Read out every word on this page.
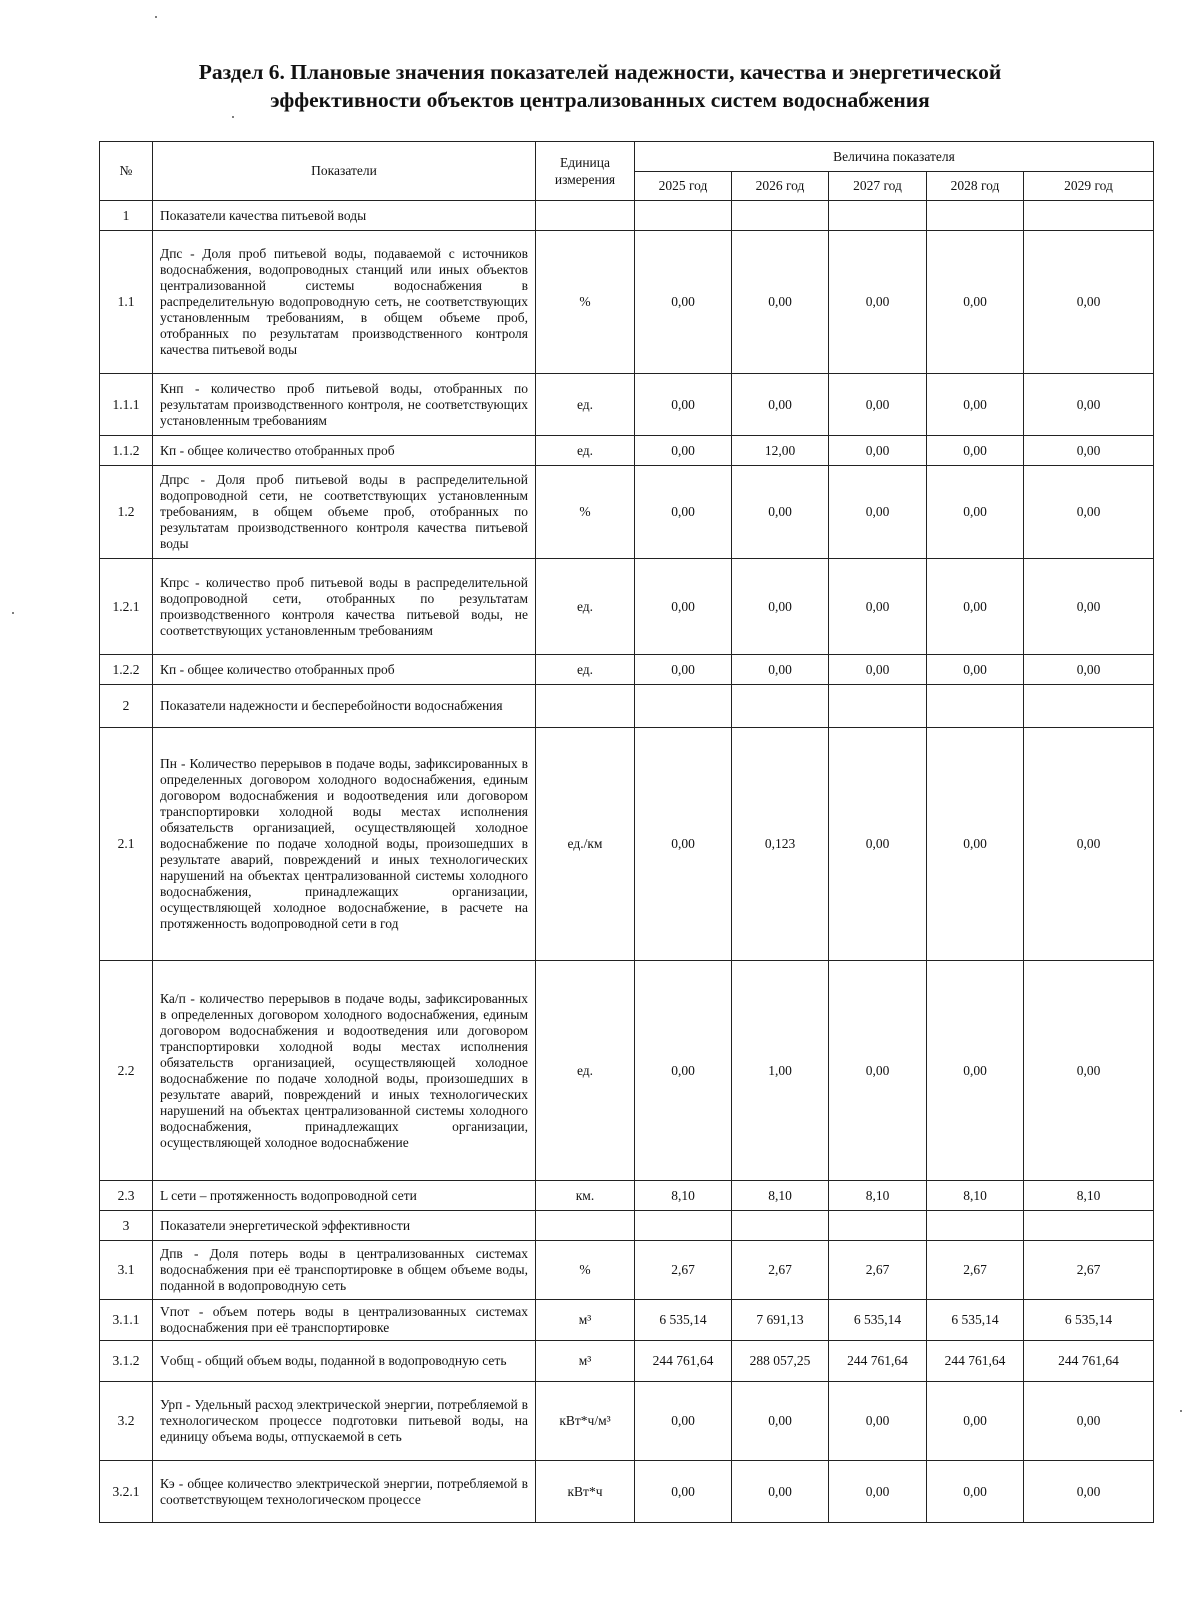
Раздел 6. Плановые значения показателей надежности, качества и энергетической
эффективности объектов централизованных систем водоснабжения
№	Показатели	Единица измерения	Величина показателя				
			2025 год	2026 год	2027 год	2028 год	2029 год
1	Показатели качества питьевой воды						
1.1	Дпс - Доля проб питьевой воды, подаваемой с источников водоснабжения, водопроводных станций или иных объектов централизованной системы водоснабжения в распределительную водопроводную сеть, не соответствующих установленным требованиям, в общем объеме проб, отобранных по результатам производственного контроля качества питьевой воды	%	0,00	0,00	0,00	0,00	0,00
1.1.1	Кнп - количество проб питьевой воды, отобранных по результатам производственного контроля, не соответствующих установленным требованиям	ед.	0,00	0,00	0,00	0,00	0,00
1.1.2	Кп - общее количество отобранных проб	ед.	0,00	12,00	0,00	0,00	0,00
1.2	Дпрс - Доля проб питьевой воды в распределительной водопроводной сети, не соответствующих установленным требованиям, в общем объеме проб, отобранных по результатам производственного контроля качества питьевой воды	%	0,00	0,00	0,00	0,00	0,00
1.2.1	Кпрс - количество проб питьевой воды в распределительной водопроводной сети, отобранных по результатам производственного контроля качества питьевой воды, не соответствующих установленным требованиям	ед.	0,00	0,00	0,00	0,00	0,00
1.2.2	Кп - общее количество отобранных проб	ед.	0,00	0,00	0,00	0,00	0,00
2	Показатели надежности и бесперебойности водоснабжения						
2.1	Пн - Количество перерывов в подаче воды, зафиксированных в определенных договором холодного водоснабжения, единым договором водоснабжения и водоотведения или договором транспортировки холодной воды местах исполнения обязательств организацией, осуществляющей холодное водоснабжение по подаче холодной воды, произошедших в результате аварий, повреждений и иных технологических нарушений на объектах централизованной системы холодного водоснабжения, принадлежащих организации, осуществляющей холодное водоснабжение, в расчете на протяженность водопроводной сети в год	ед./км	0,00	0,123	0,00	0,00	0,00
2.2	Ка/п - количество перерывов в подаче воды, зафиксированных в определенных договором холодного водоснабжения, единым договором водоснабжения и водоотведения или договором транспортировки холодной воды местах исполнения обязательств организацией, осуществляющей холодное водоснабжение по подаче холодной воды, произошедших в результате аварий, повреждений и иных технологических нарушений на объектах централизованной системы холодного водоснабжения, принадлежащих организации, осуществляющей холодное водоснабжение	ед.	0,00	1,00	0,00	0,00	0,00
2.3	L сети – протяженность водопроводной сети	км.	8,10	8,10	8,10	8,10	8,10
3	Показатели энергетической эффективности						
3.1	Дпв - Доля потерь воды в централизованных системах водоснабжения при её транспортировке в общем объеме воды, поданной в водопроводную сеть	%	2,67	2,67	2,67	2,67	2,67
3.1.1	Vпот - объем потерь воды в централизованных системах водоснабжения при её транспортировке	м³	6 535,14	7 691,13	6 535,14	6 535,14	6 535,14
3.1.2	Vобщ - общий объем воды, поданной в водопроводную сеть	м³	244 761,64	288 057,25	244 761,64	244 761,64	244 761,64
3.2	Урп - Удельный расход электрической энергии, потребляемой в технологическом процессе подготовки питьевой воды, на единицу объема воды, отпускаемой в сеть	кВт*ч/м³	0,00	0,00	0,00	0,00	0,00
3.2.1	Кэ - общее количество электрической энергии, потребляемой в соответствующем технологическом процессе	кВт*ч	0,00	0,00	0,00	0,00	0,00
